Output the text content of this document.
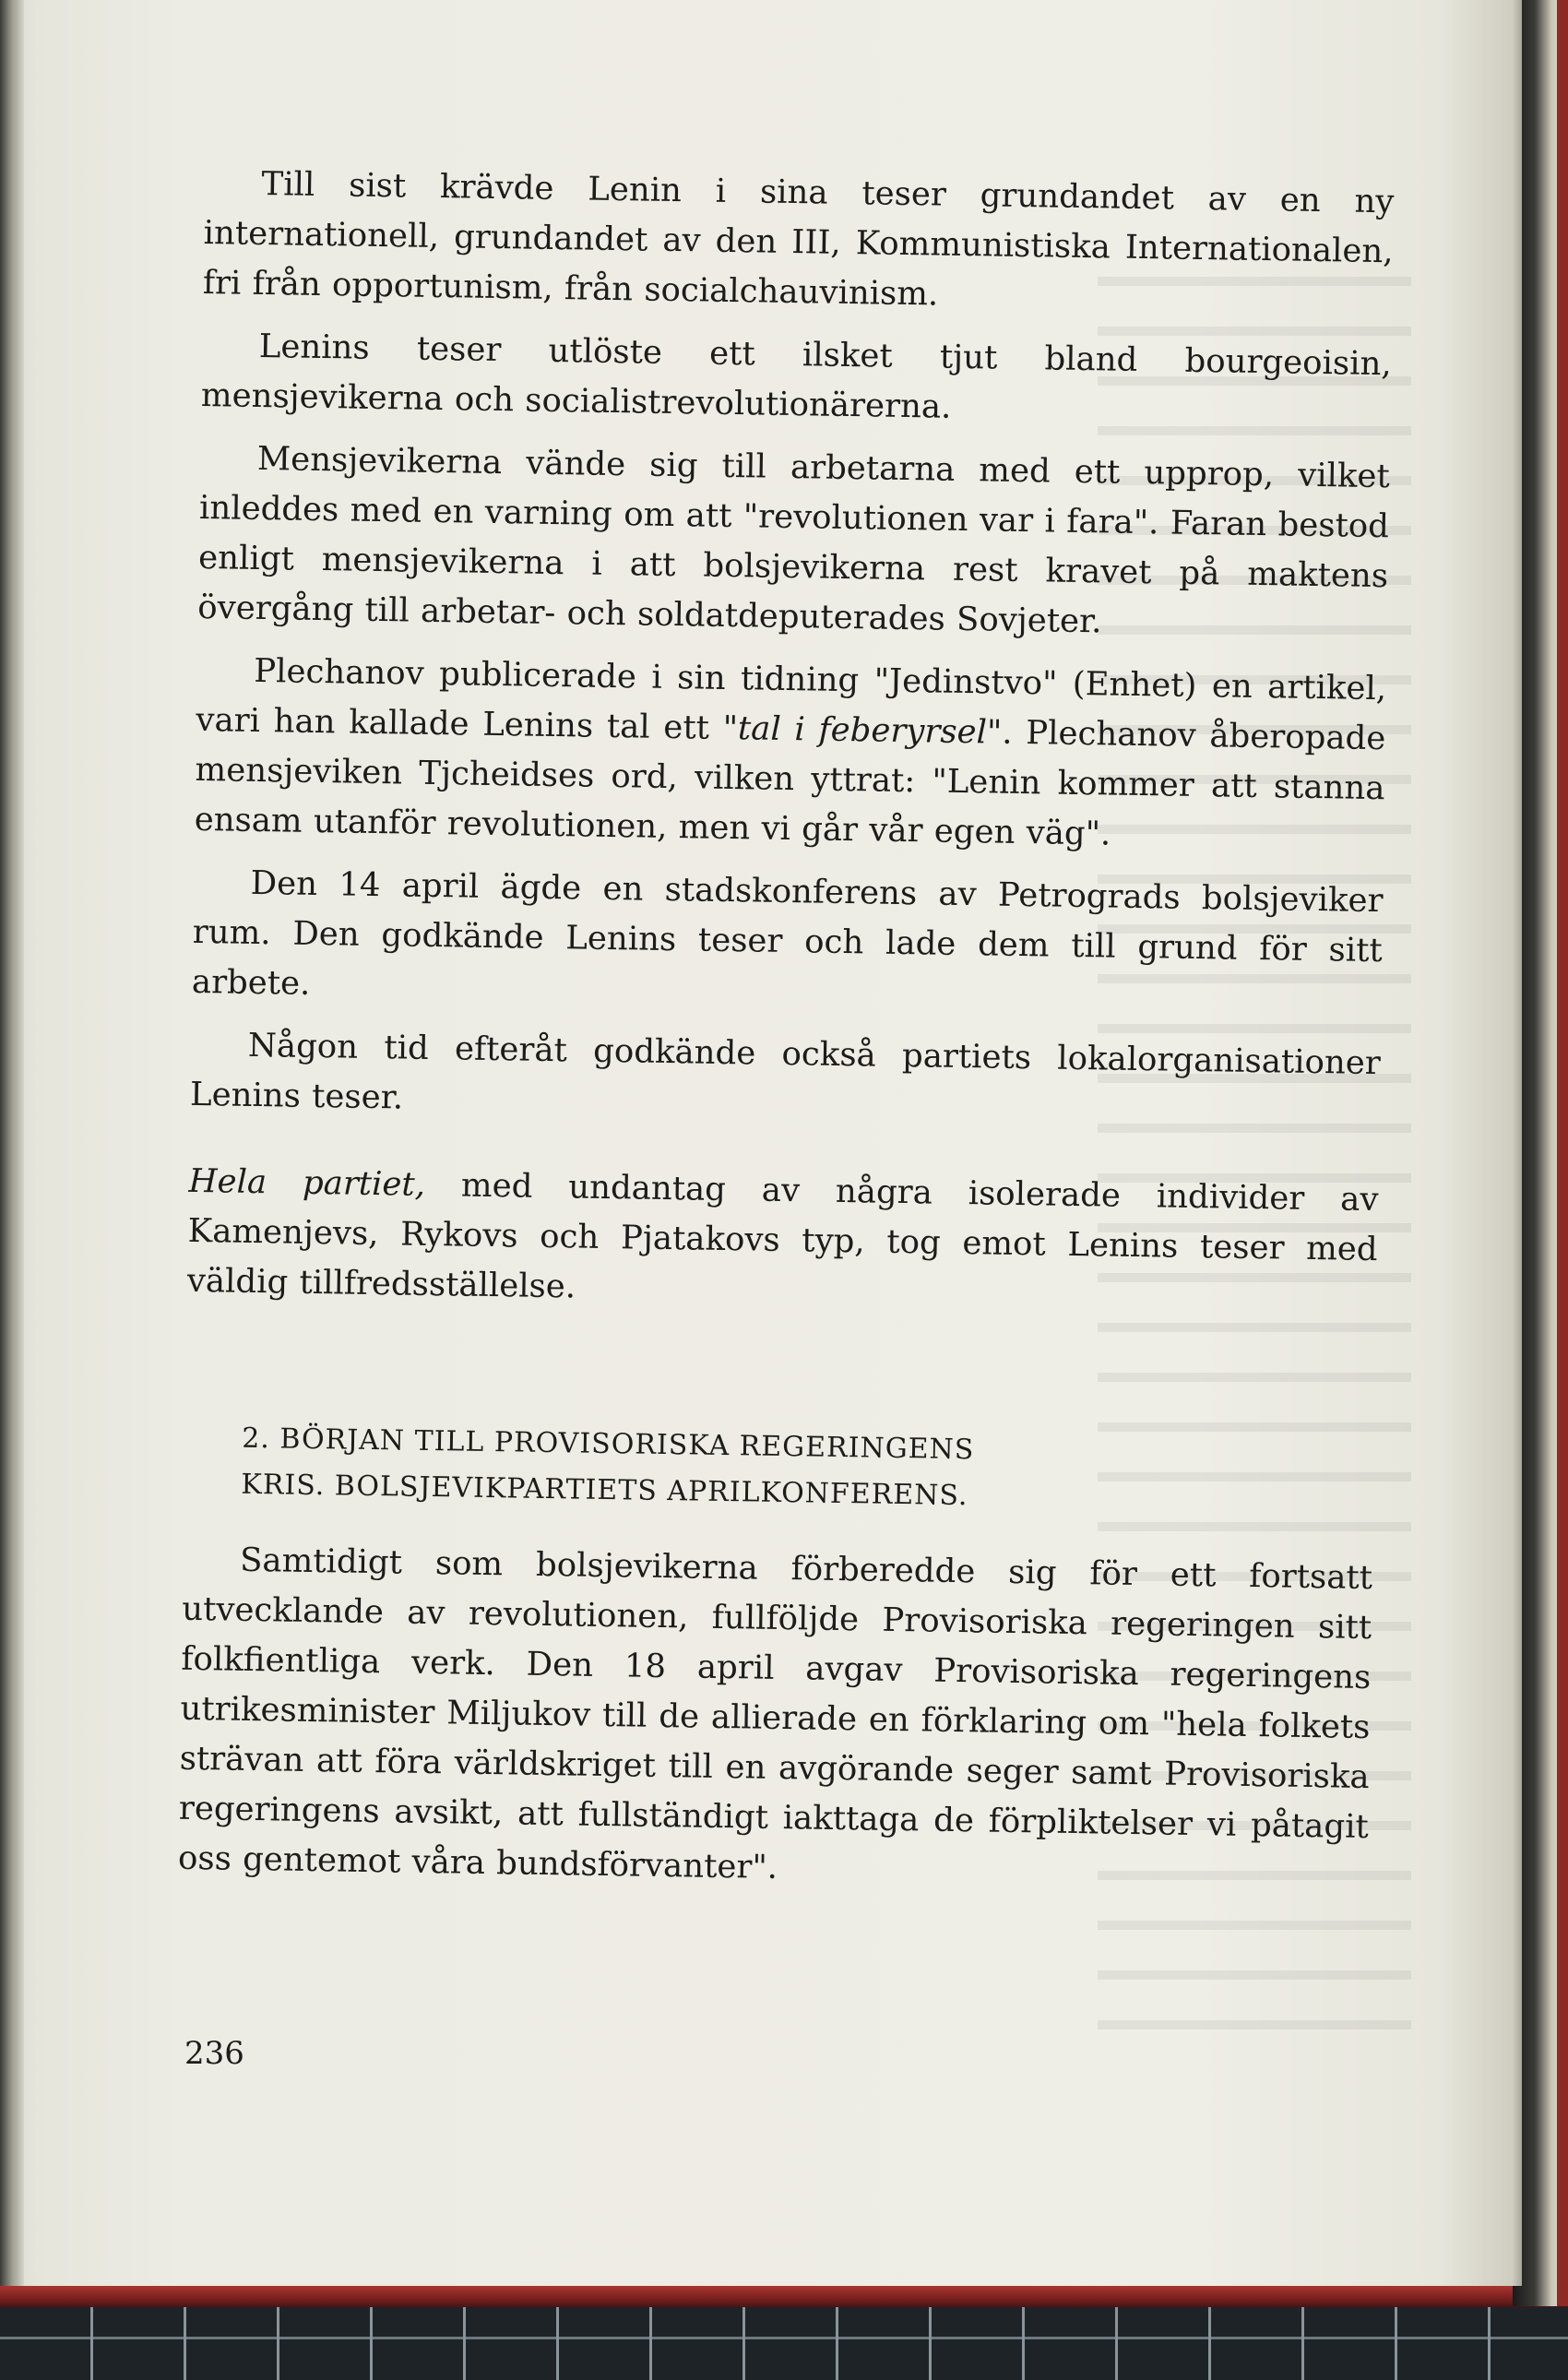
Till sist krävde Lenin i sina teser grundandet av en ny internationell, grundandet av den III, Kommunistiska Internationalen, fri från opportunism, från socialchauvinism.

Lenins teser utlöste ett ilsket tjut bland bourgeoisin, mensjevikerna och socialistrevolutionärerna.

Mensjevikerna vände sig till arbetarna med ett upprop, vilket inleddes med en varning om att "revolutionen var i fara". Faran bestod enligt mensjevikerna i att bolsjevikerna rest kravet på maktens övergång till arbetar- och soldatdeputerades Sovjeter.

Plechanov publicerade i sin tidning "Jedinstvo" (Enhet) en artikel, vari han kallade Lenins tal ett "tal i feberyrsel". Plechanov åberopade mensjeviken Tjcheidses ord, vilken yttrat: "Lenin kommer att stanna ensam utanför revolutionen, men vi går vår egen väg".

Den 14 april ägde en stadskonferens av Petrograds bolsjeviker rum. Den godkände Lenins teser och lade dem till grund för sitt arbete.

Någon tid efteråt godkände också partiets lokalorganisationer Lenins teser.

Hela partiet, med undantag av några isolerade individer av Kamenjevs, Rykovs och Pjatakovs typ, tog emot Lenins teser med väldig tillfredsställelse.

2. BÖRJAN TILL PROVISORISKA REGERINGENS
KRIS. BOLSJEVIKPARTIETS APRILKONFERENS.

Samtidigt som bolsjevikerna förberedde sig för ett fortsatt utvecklande av revolutionen, fullföljde Provisoriska regeringen sitt folkfientliga verk. Den 18 april avgav Provisoriska regeringens utrikesminister Miljukov till de allierade en förklaring om "hela folkets strävan att föra världskriget till en avgörande seger samt Provisoriska regeringens avsikt, att fullständigt iakttaga de förpliktelser vi påtagit oss gentemot våra bundsförvanter".

236
